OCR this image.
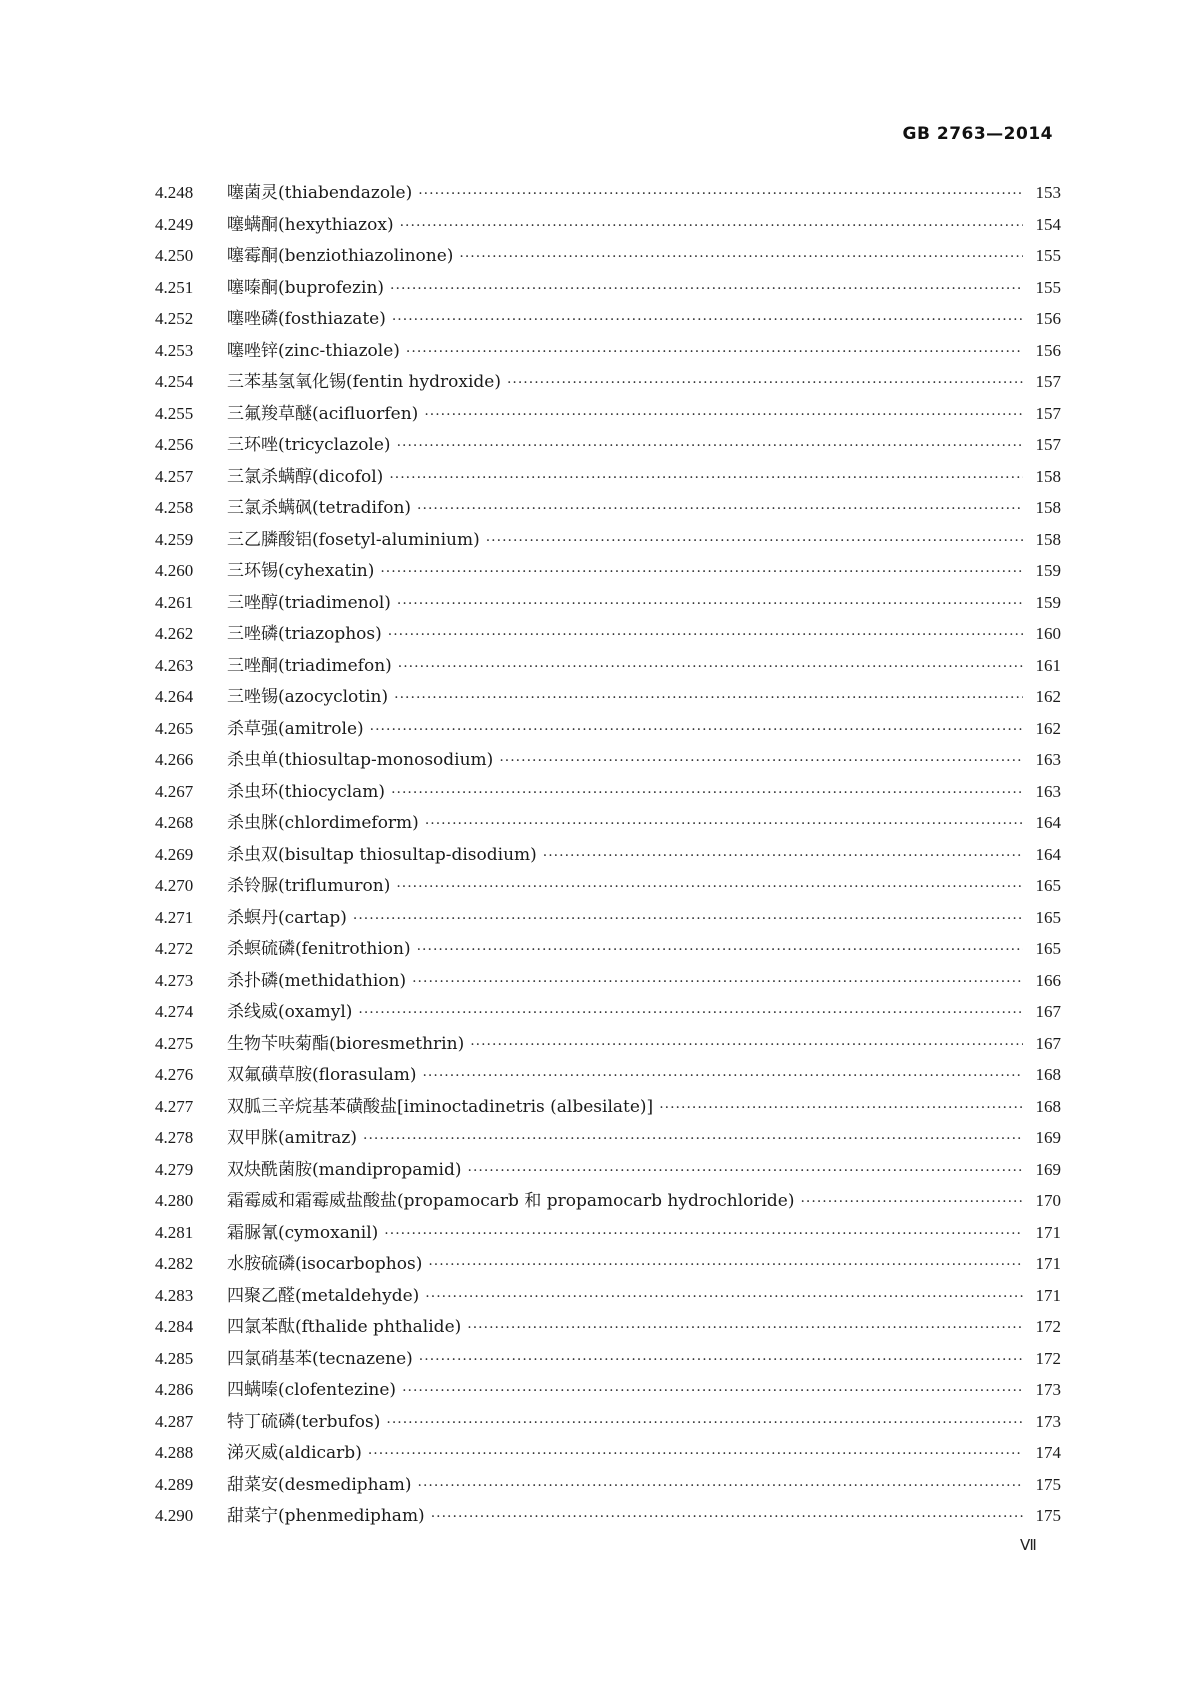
GB 2763—2014
4.248	噻菌灵(thiabendazole) ·····	153
4.249	噻螨酮(hexythiazox) ·····	154
4.250	噻霉酮(benziothiazolinone) ·····	155
4.251	噻嗪酮(buprofezin) ·····	155
4.252	噻唑磷(fosthiazate) ·····	156
4.253	噻唑锌(zinc-thiazole) ·····	156
4.254	三苯基氢氧化锡(fentin hydroxide) ·····	157
4.255	三氟羧草醚(acifluorfen) ·····	157
4.256	三环唑(tricyclazole) ·····	157
4.257	三氯杀螨醇(dicofol) ·····	158
4.258	三氯杀螨砜(tetradifon) ·····	158
4.259	三乙膦酸铝(fosetyl-aluminium) ·····	158
4.260	三环锡(cyhexatin) ·····	159
4.261	三唑醇(triadimenol) ·····	159
4.262	三唑磷(triazophos) ·····	160
4.263	三唑酮(triadimefon) ·····	161
4.264	三唑锡(azocyclotin) ·····	162
4.265	杀草强(amitrole) ·····	162
4.266	杀虫单(thiosultap-monosodium) ·····	163
4.267	杀虫环(thiocyclam) ·····	163
4.268	杀虫脒(chlordimeform) ·····	164
4.269	杀虫双(bisultap thiosultap-disodium) ·····	164
4.270	杀铃脲(triflumuron) ·····	165
4.271	杀螟丹(cartap) ·····	165
4.272	杀螟硫磷(fenitrothion) ·····	165
4.273	杀扑磷(methidathion) ·····	166
4.274	杀线威(oxamyl) ·····	167
4.275	生物苄呋菊酯(bioresmethrin) ·····	167
4.276	双氟磺草胺(florasulam) ·····	168
4.277	双胍三辛烷基苯磺酸盐[iminoctadinetris (albesilate)] ·····	168
4.278	双甲脒(amitraz) ·····	169
4.279	双炔酰菌胺(mandipropamid) ·····	169
4.280	霜霉威和霜霉威盐酸盐(propamocarb 和 propamocarb hydrochloride) ·····	170
4.281	霜脲氰(cymoxanil) ·····	171
4.282	水胺硫磷(isocarbophos) ·····	171
4.283	四聚乙醛(metaldehyde) ·····	171
4.284	四氯苯酞(fthalide phthalide) ·····	172
4.285	四氯硝基苯(tecnazene) ·····	172
4.286	四螨嗪(clofentezine) ·····	173
4.287	特丁硫磷(terbufos) ·····	173
4.288	涕灭威(aldicarb) ·····	174
4.289	甜菜安(desmedipham) ·····	175
4.290	甜菜宁(phenmedipham) ·····	175
Ⅶ
